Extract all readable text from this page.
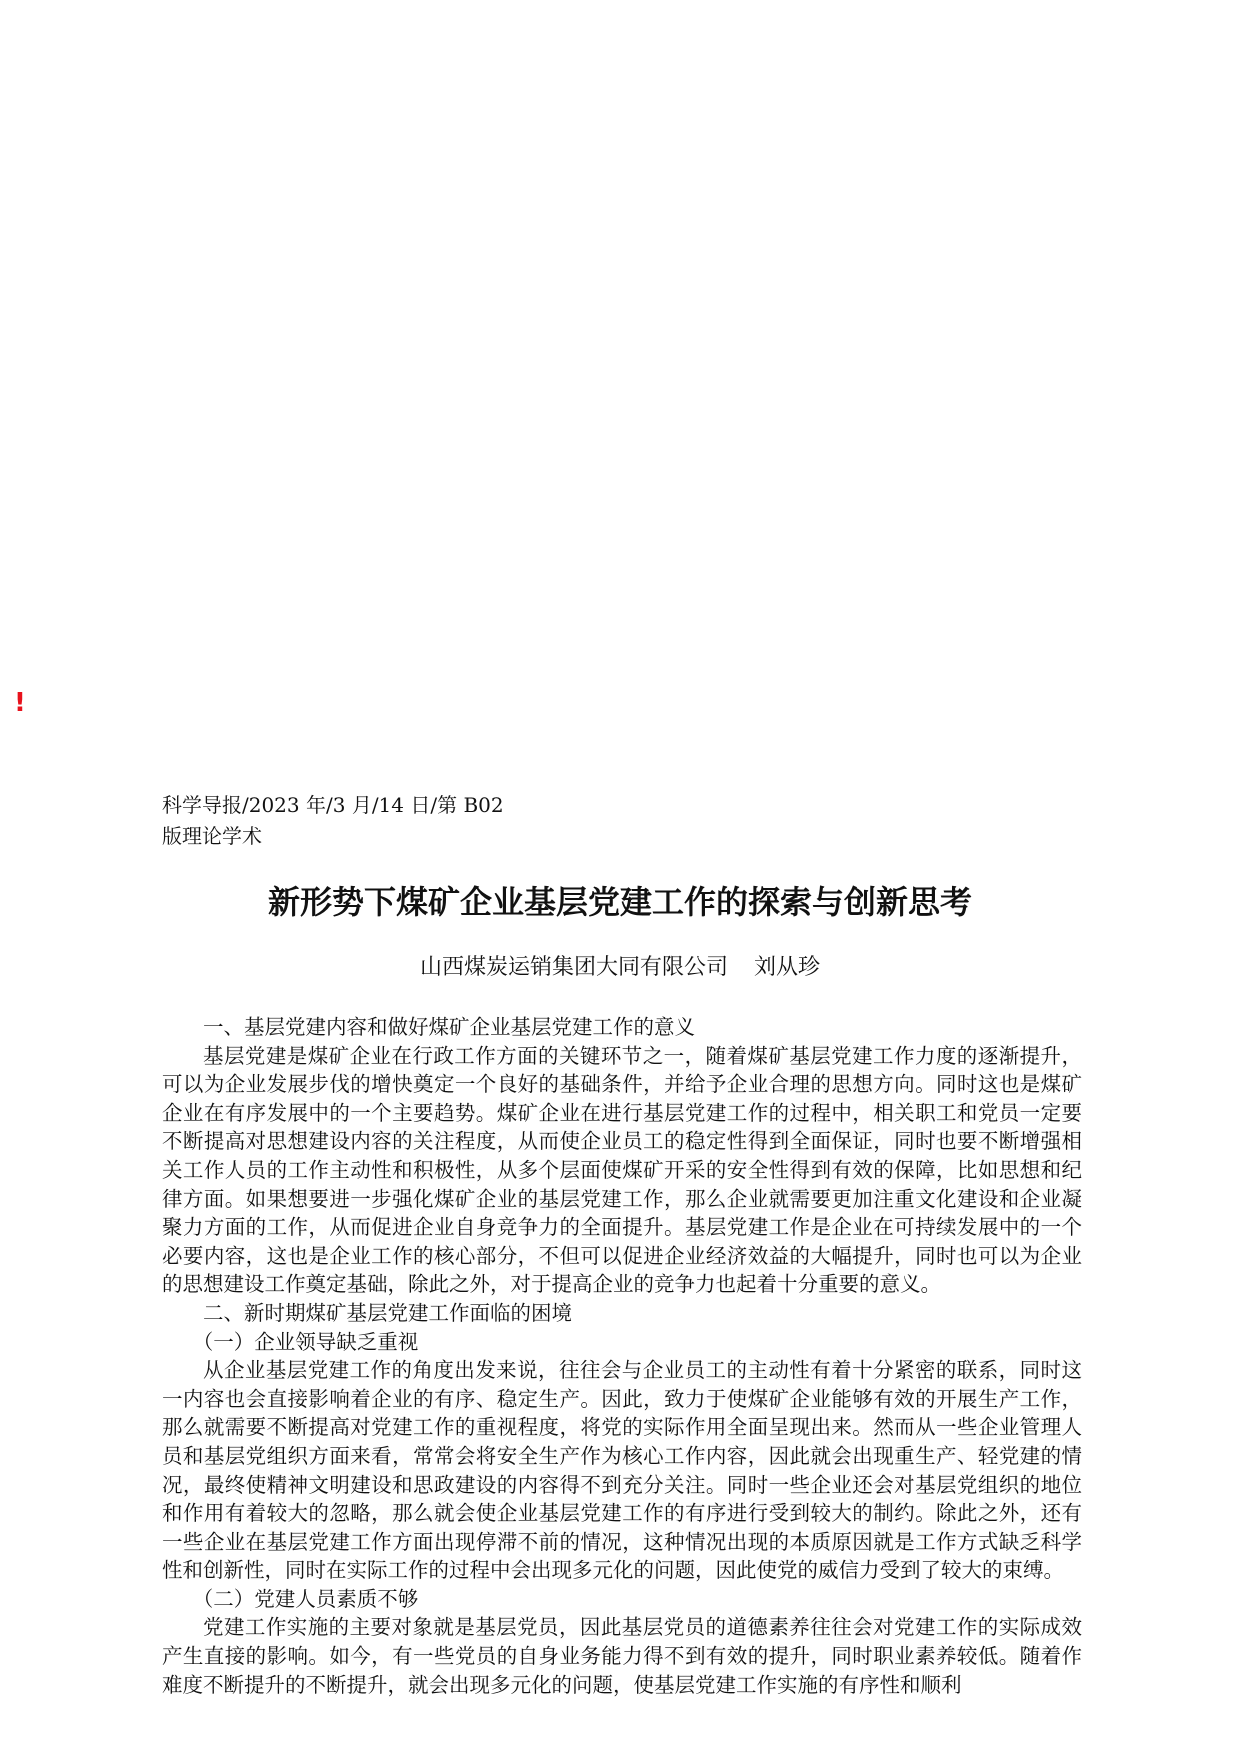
!
科学导报/2023 年/3 月/14 日/第 B02
版理论学术
新形势下煤矿企业基层党建工作的探索与创新思考
山西煤炭运销集团大同有限公司 刘从珍

一、基层党建内容和做好煤矿企业基层党建工作的意义

基层党建是煤矿企业在行政工作方面的关键环节之一，随着煤矿基层党建工作力度的逐渐提升，可以为企业发展步伐的增快奠定一个良好的基础条件，并给予企业合理的思想方向。同时这也是煤矿企业在有序发展中的一个主要趋势。煤矿企业在进行基层党建工作的过程中，相关职工和党员一定要不断提高对思想建设内容的关注程度，从而使企业员工的稳定性得到全面保证，同时也要不断增强相关工作人员的工作主动性和积极性，从多个层面使煤矿开采的安全性得到有效的保障，比如思想和纪律方面。如果想要进一步强化煤矿企业的基层党建工作，那么企业就需要更加注重文化建设和企业凝聚力方面的工作，从而促进企业自身竞争力的全面提升。基层党建工作是企业在可持续发展中的一个必要内容，这也是企业工作的核心部分，不但可以促进企业经济效益的大幅提升，同时也可以为企业的思想建设工作奠定基础，除此之外，对于提高企业的竞争力也起着十分重要的意义。

二、新时期煤矿基层党建工作面临的困境

（一）企业领导缺乏重视

从企业基层党建工作的角度出发来说，往往会与企业员工的主动性有着十分紧密的联系，同时这一内容也会直接影响着企业的有序、稳定生产。因此，致力于使煤矿企业能够有效的开展生产工作，那么就需要不断提高对党建工作的重视程度，将党的实际作用全面呈现出来。然而从一些企业管理人员和基层党组织方面来看，常常会将安全生产作为核心工作内容，因此就会出现重生产、轻党建的情况，最终使精神文明建设和思政建设的内容得不到充分关注。同时一些企业还会对基层党组织的地位和作用有着较大的忽略，那么就会使企业基层党建工作的有序进行受到较大的制约。除此之外，还有一些企业在基层党建工作方面出现停滞不前的情况，这种情况出现的本质原因就是工作方式缺乏科学性和创新性，同时在实际工作的过程中会出现多元化的问题，因此使党的威信力受到了较大的束缚。

（二）党建人员素质不够

党建工作实施的主要对象就是基层党员，因此基层党员的道德素养往往会对党建工作的实际成效产生直接的影响。如今，有一些党员的自身业务能力得不到有效的提升，同时职业素养较低。随着作难度不断提升的不断提升，就会出现多元化的问题，使基层党建工作实施的有序性和顺利
